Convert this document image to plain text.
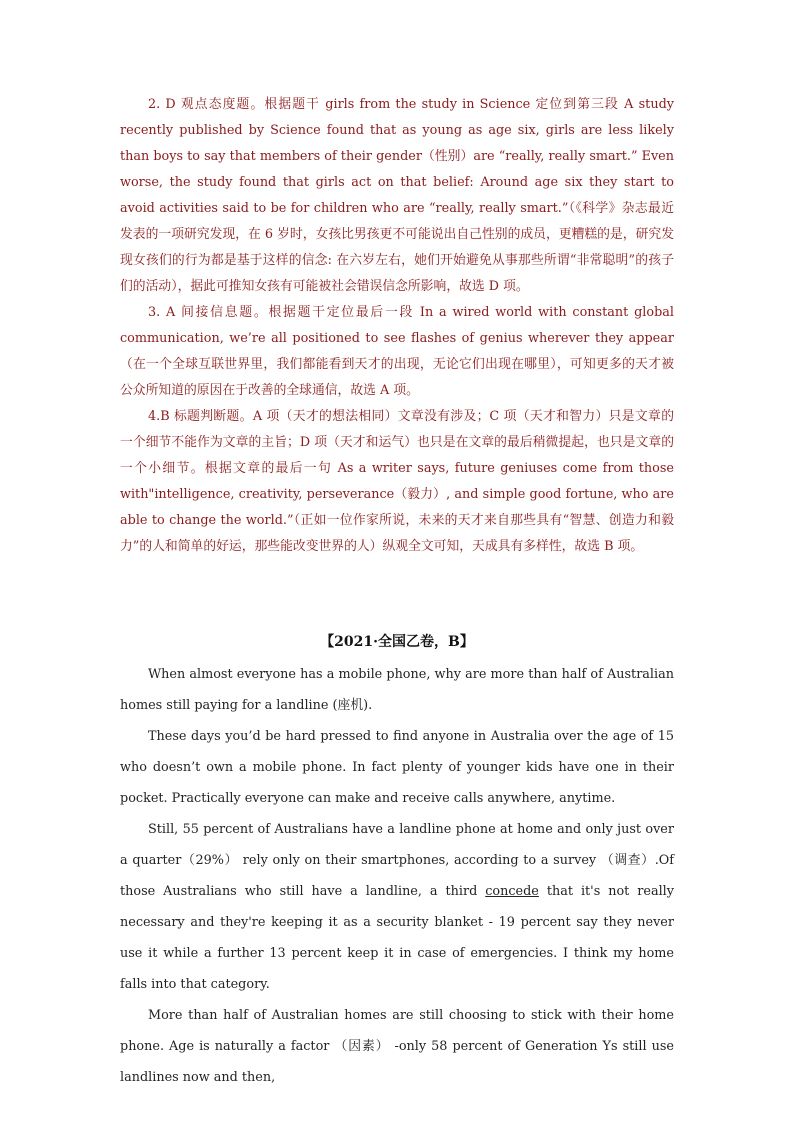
2. D 观点态度题。根据题干 girls from the study in Science 定位到第三段 A study recently published by Science found that as young as age six, girls are less likely than boys to say that members of their gender（性别）are “really, really smart.” Even worse, the study found that girls act on that belief: Around age six they start to avoid activities said to be for children who are “really, really smart.”（《科学》杂志最近发表的一项研究发现，在 6 岁时，女孩比男孩更不可能说出自己性别的成员，更糟糕的是，研究发现女孩们的行为都是基于这样的信念: 在六岁左右，她们开始避免从事那些所谓“非常聪明”的孩子们的活动），据此可推知女孩有可能被社会错误信念所影响，故选 D 项。

3. A 间接信息题。根据题干定位最后一段 In a wired world with constant global communication, we’re all positioned to see flashes of genius wherever they appear（在一个全球互联世界里，我们都能看到天才的出现，无论它们出现在哪里），可知更多的天才被公众所知道的原因在于改善的全球通信，故选 A 项。

4.B 标题判断题。A 项（天才的想法相同）文章没有涉及；C 项（天才和智力）只是文章的一个细节不能作为文章的主旨；D 项（天才和运气）也只是在文章的最后稍微提起，也只是文章的一个小细节。根据文章的最后一句 As a writer says, future geniuses come from those with"intelligence, creativity, perseverance（毅力）, and simple good fortune, who are able to change the world.”（正如一位作家所说，未来的天才来自那些具有“智慧、创造力和毅力”的人和简单的好运，那些能改变世界的人）纵观全文可知，天成具有多样性，故选 B 项。

【2021·全国乙卷，B】

When almost everyone has a mobile phone, why are more than half of Australian homes still paying for a landline (座机).

These days you’d be hard pressed to find anyone in Australia over the age of 15 who doesn’t own a mobile phone. In fact plenty of younger kids have one in their pocket. Practically everyone can make and receive calls anywhere, anytime.

Still, 55 percent of Australians have a landline phone at home and only just over a quarter（29%） rely only on their smartphones, according to a survey （调查）.Of those Australians who still have a landline, a third concede that it's not really necessary and they're keeping it as a security blanket - 19 percent say they never use it while a further 13 percent keep it in case of emergencies. I think my home falls into that category.

More than half of Australian homes are still choosing to stick with their home phone. Age is naturally a factor （因素） -only 58 percent of Generation Ys still use landlines now and then,
